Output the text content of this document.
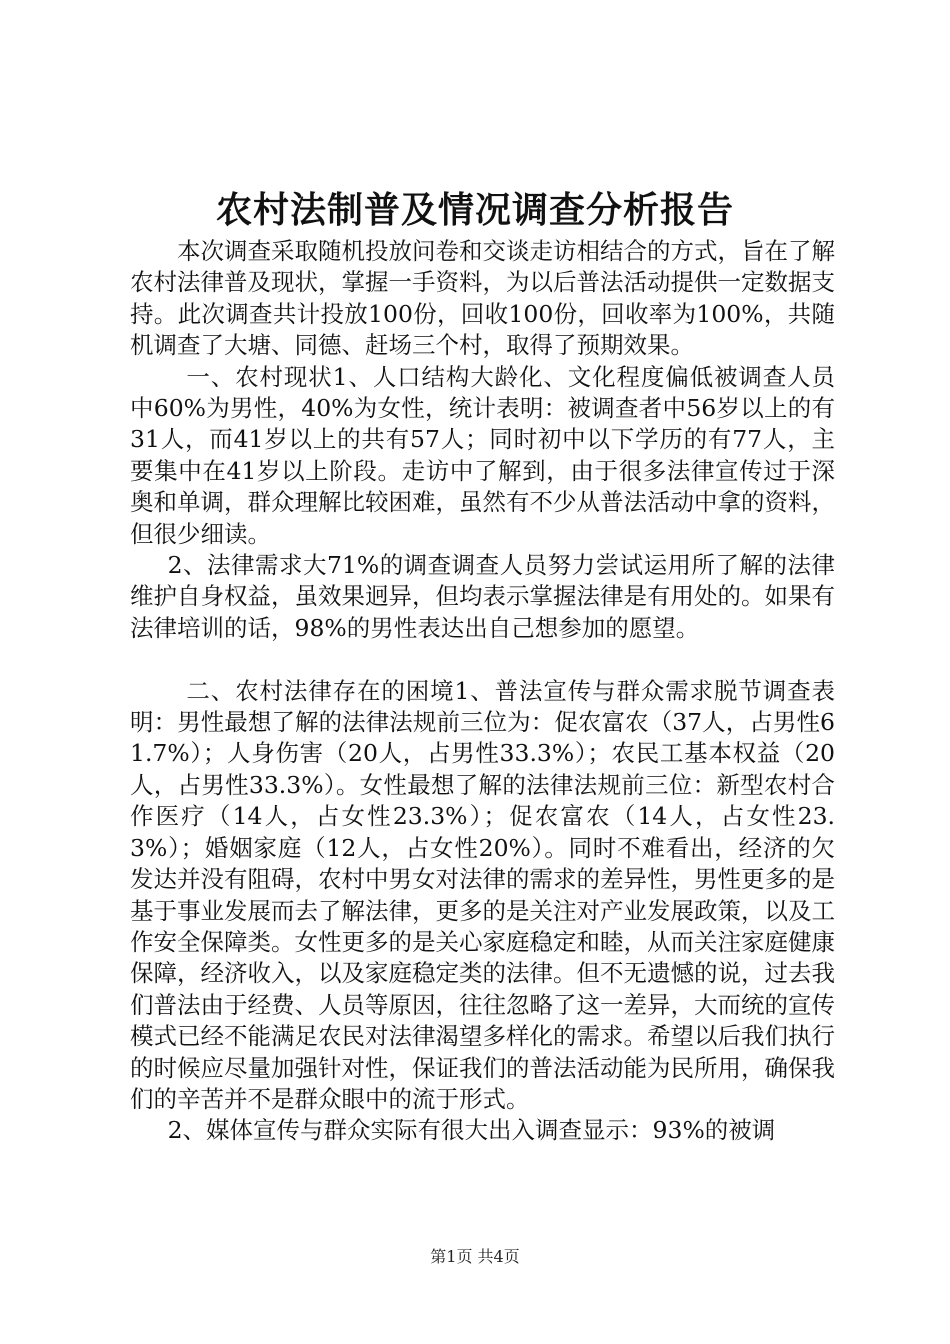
农村法制普及情况调查分析报告

本次调查采取随机投放问卷和交谈走访相结合的方式，旨在了解农村法律普及现状，掌握一手资料，为以后普法活动提供一定数据支持。此次调查共计投放100份，回收100份，回收率为100%，共随机调查了大塘、同德、赶场三个村，取得了预期效果。

一、农村现状1、人口结构大龄化、文化程度偏低被调查人员中60%为男性，40%为女性，统计表明：被调查者中56岁以上的有31人，而41岁以上的共有57人；同时初中以下学历的有77人，主要集中在41岁以上阶段。走访中了解到，由于很多法律宣传过于深奥和单调，群众理解比较困难，虽然有不少从普法活动中拿的资料，但很少细读。

2、法律需求大71%的调查调查人员努力尝试运用所了解的法律维护自身权益，虽效果迥异，但均表示掌握法律是有用处的。如果有法律培训的话，98%的男性表达出自己想参加的愿望。

二、农村法律存在的困境1、普法宣传与群众需求脱节调查表明：男性最想了解的法律法规前三位为：促农富农（37人，占男性61.7%）；人身伤害（20人，占男性33.3%）；农民工基本权益（20人，占男性33.3%）。女性最想了解的法律法规前三位：新型农村合作医疗（14人，占女性23.3%）；促农富农（14人，占女性23.3%）；婚姻家庭（12人，占女性20%）。同时不难看出，经济的欠发达并没有阻碍，农村中男女对法律的需求的差异性，男性更多的是基于事业发展而去了解法律，更多的是关注对产业发展政策，以及工作安全保障类。女性更多的是关心家庭稳定和睦，从而关注家庭健康保障，经济收入，以及家庭稳定类的法律。但不无遗憾的说，过去我们普法由于经费、人员等原因，往往忽略了这一差异，大而统的宣传模式已经不能满足农民对法律渴望多样化的需求。希望以后我们执行的时候应尽量加强针对性，保证我们的普法活动能为民所用，确保我们的辛苦并不是群众眼中的流于形式。

2、媒体宣传与群众实际有很大出入调查显示：93%的被调

第1页 共4页
